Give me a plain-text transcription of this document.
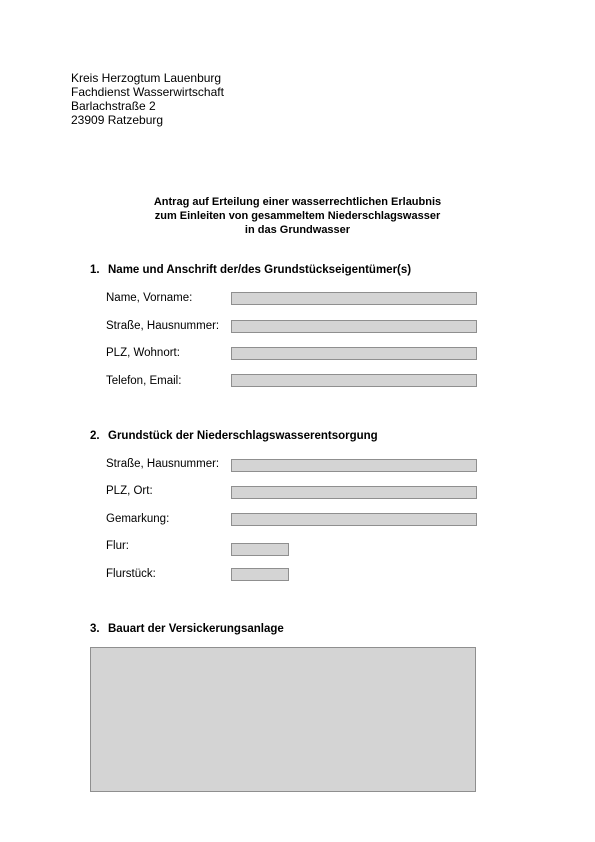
Kreis Herzogtum Lauenburg
Fachdienst Wasserwirtschaft
Barlachstraße 2
23909 Ratzeburg
Antrag auf Erteilung einer wasserrechtlichen Erlaubnis
zum Einleiten von gesammeltem Niederschlagswasser
in das Grundwasser
1. Name und Anschrift der/des Grundstückseigentümer(s)
Name, Vorname:
Straße, Hausnummer:
PLZ, Wohnort:
Telefon, Email:
2. Grundstück der Niederschlagswasserentsorgung
Straße, Hausnummer:
PLZ, Ort:
Gemarkung:
Flur:
Flurstück:
3. Bauart der Versickerungsanlage
